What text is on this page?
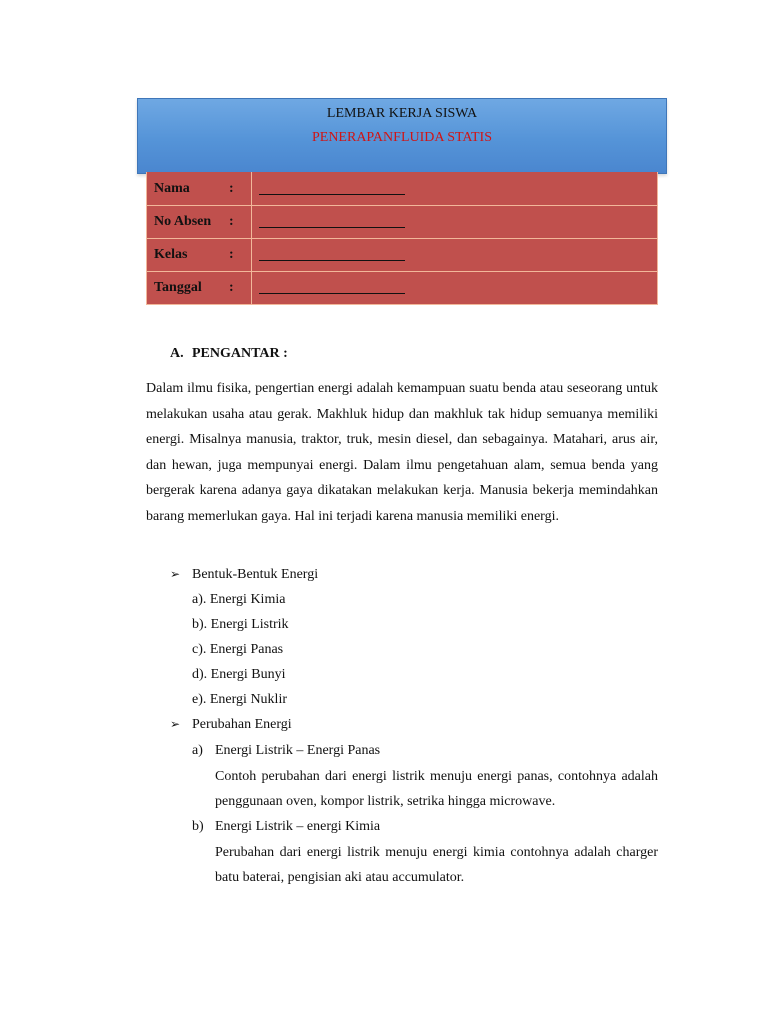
LEMBAR KERJA SISWA
PENERAPANFLUIDA STATIS
Nama :	

No Absen :	

Kelas :	

Tanggal :	

A. PENGANTAR :

Dalam ilmu fisika, pengertian energi adalah kemampuan suatu benda atau seseorang untuk melakukan usaha atau gerak. Makhluk hidup dan makhluk tak hidup semuanya memiliki energi. Misalnya manusia, traktor, truk, mesin diesel, dan sebagainya. Matahari, arus air, dan hewan, juga mempunyai energi. Dalam ilmu pengetahuan alam, semua benda yang bergerak karena adanya gaya dikatakan melakukan kerja. Manusia bekerja memindahkan barang memerlukan gaya. Hal ini terjadi karena manusia memiliki energi.

➢ Bentuk-Bentuk Energi
a). Energi Kimia
b). Energi Listrik
c). Energi Panas
d). Energi Bunyi
e). Energi Nuklir
➢ Perubahan Energi
a) Energi Listrik – Energi Panas

Contoh perubahan dari energi listrik menuju energi panas, contohnya adalah penggunaan oven, kompor listrik, setrika hingga microwave.

b) Energi Listrik – energi Kimia

Perubahan dari energi listrik menuju energi kimia contohnya adalah charger batu baterai, pengisian aki atau accumulator.
